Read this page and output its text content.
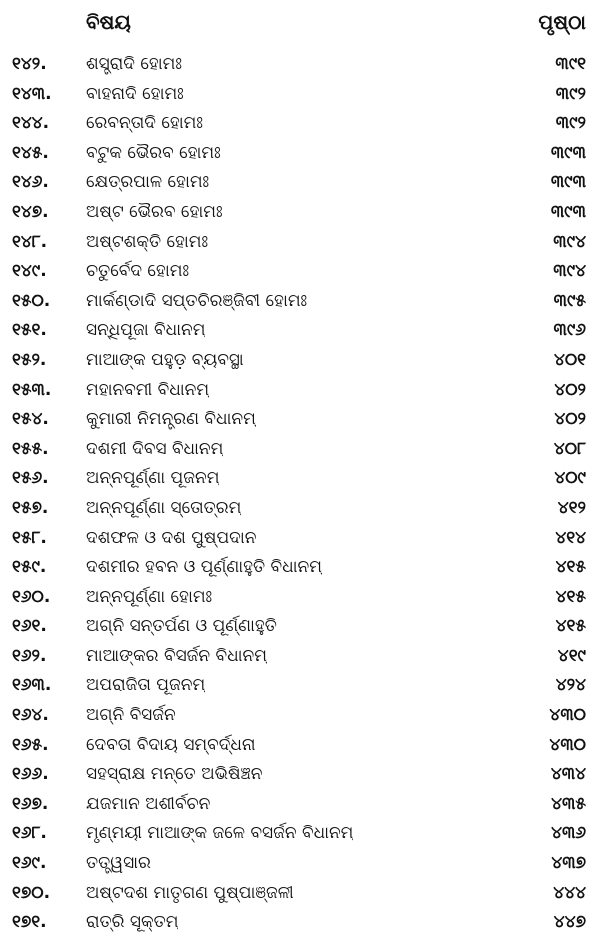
ବିଷୟ	ପୃଷ୍ଠା
୧୪୨.	ଶସ୍ତ୍ରାଦି ହୋମଃ	୩୯୧
୧୪୩.	ବାହନାଦି ହୋମଃ	୩୯୨
୧୪୪.	ରେବନ୍ତାଦି ହୋମଃ	୩୯୨
୧୪୫.	ବଟୁକ ଭୈରବ ହୋମଃ	୩୯୩
୧୪୬.	କ୍ଷେତ୍ରପାଳ ହୋମଃ	୩୯୩
୧୪୭.	ଅଷ୍ଟ ଭୈରବ ହୋମଃ	୩୯୩
୧୪୮.	ଅଷ୍ଟଶକ୍ତି ହୋମଃ	୩୯୪
୧୪୯.	ଚତୁର୍ବେଦ ହୋମଃ	୩୯୪
୧୫୦.	ମାର୍କଣ୍ଡାଦି ସପ୍ତଚିରଞ୍ଜିବୀ ହୋମଃ	୩୯୫
୧୫୧.	ସନ୍ଧିପୂଜା ବିଧାନମ୍	୩୯୬
୧୫୨.	ମାଆଙ୍କ ପହୁଡ଼ ବ୍ୟବସ୍ଥା	୪୦୧
୧୫୩.	ମହାନବମୀ ବିଧାନମ୍	୪୦୨
୧୫୪.	କୁମାରୀ ନିମନ୍ତ୍ରଣ ବିଧାନମ୍	୪୦୨
୧୫୫.	ଦଶମୀ ଦିବସ ବିଧାନମ୍	୪୦୮
୧୫୬.	ଅନ୍ନପୂର୍ଣ୍ଣା ପୂଜନମ୍	୪୦୯
୧୫୭.	ଅନ୍ନପୂର୍ଣ୍ଣା ସ୍ତୋତ୍ରମ୍	୪୧୨
୧୫୮.	ଦଶଫଳ ଓ ଦଶ ପୁଷ୍ପଦାନ	୪୧୪
୧୫୯.	ଦଶମୀର ହବନ ଓ ପୂର୍ଣ୍ଣାହୁତି ବିଧାନମ୍	୪୧୫
୧୬୦.	ଅନ୍ନପୂର୍ଣ୍ଣା ହୋମଃ	୪୧୫
୧୬୧.	ଅଗ୍ନି ସନ୍ତର୍ପଣ ଓ ପୂର୍ଣ୍ଣାହୁତି	୪୧୫
୧୬୨.	ମାଆଙ୍କର ବିସର୍ଜନ ବିଧାନମ୍	୪୧୯
୧୬୩.	ଅପରାଜିତା ପୂଜନମ୍	୪୨୪
୧୬୪.	ଅଗ୍ନି ବିସର୍ଜନ	୪୩୦
୧୬୫.	ଦେବତା ବିଦାୟ ସମ୍ବର୍ଦ୍ଧନା	୪୩୦
୧୬୬.	ସହସ୍ରାକ୍ଷ ମନ୍ତେ ଅଭିଷିଞ୍ଚନ	୪୩୪
୧୬୭.	ଯଜମାନ ଅଶୀର୍ବଚନ	୪୩୫
୧୬୮.	ମୃଣ୍ମୟୀ ମାଆଙ୍କ ଜଳେ ବସର୍ଜନ ବିଧାନମ୍	୪୩୬
୧୬୯.	ତତ୍ତ୍ୱସାର	୪୩୭
୧୭୦.	ଅଷ୍ଟଦଶ ମାତୃଗଣ ପୁଷ୍ପାଞ୍ଜଳୀ	୪୪୪
୧୭୧.	ରାତ୍ରି ସୂକ୍ତମ୍	୪୪୭
